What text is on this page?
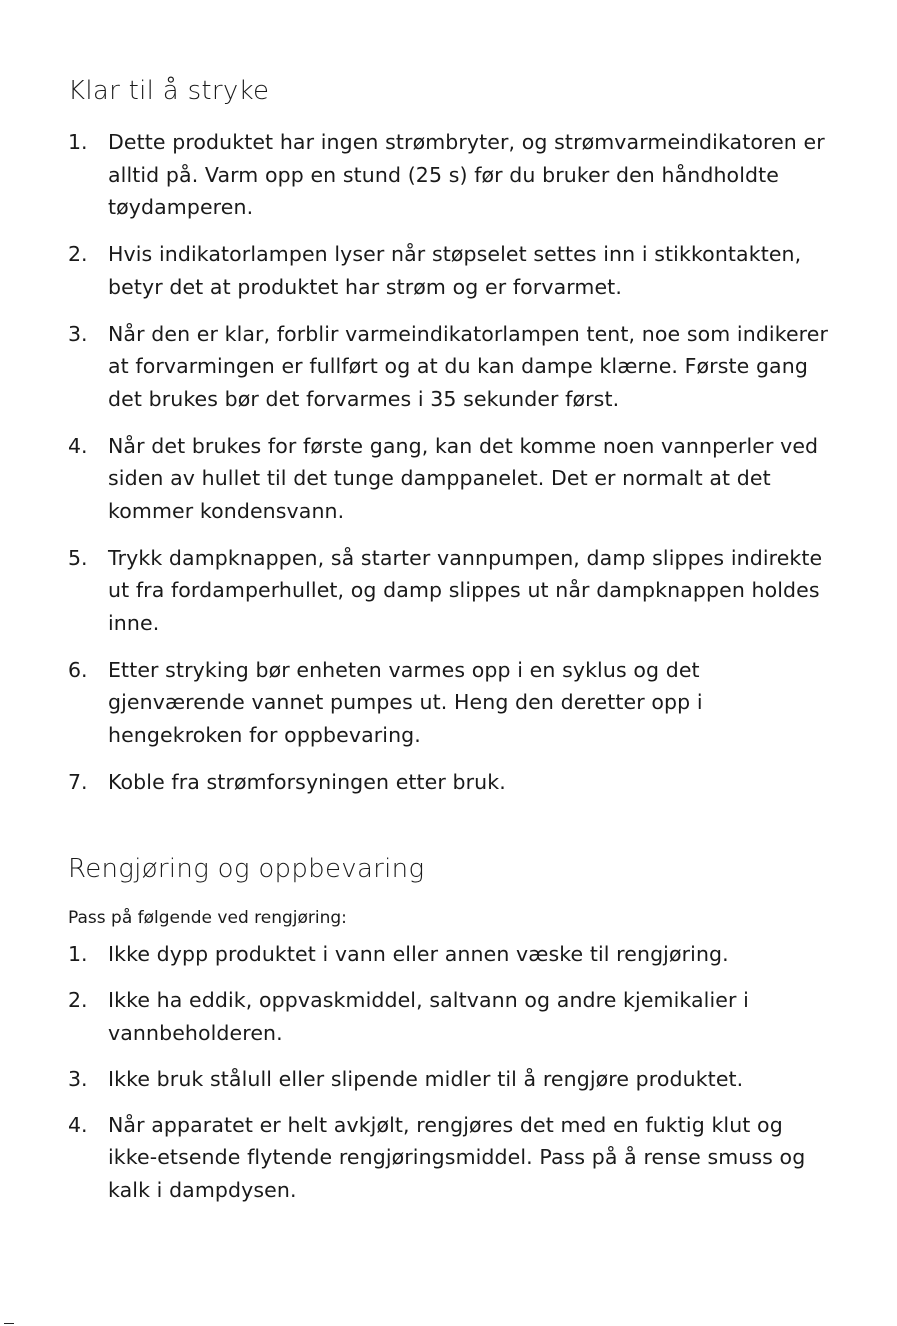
Klar til å stryke
1. Dette produktet har ingen strømbryter, og strømvarmeindikatoren er alltid på. Varm opp en stund (25 s) før du bruker den håndholdte tøydamperen.
2. Hvis indikatorlampen lyser når støpselet settes inn i stikkontakten, betyr det at produktet har strøm og er forvarmet.
3. Når den er klar, forblir varmeindikatorlampen tent, noe som indikerer at forvarmingen er fullført og at du kan dampe klærne. Første gang det brukes bør det forvarmes i 35 sekunder først.
4. Når det brukes for første gang, kan det komme noen vannperler ved siden av hullet til det tunge damppanelet. Det er normalt at det kommer kondensvann.
5. Trykk dampknappen, så starter vannpumpen, damp slippes indirekte ut fra fordamperhullet, og damp slippes ut når dampknappen holdes inne.
6. Etter stryking bør enheten varmes opp i en syklus og det gjenværende vannet pumpes ut. Heng den deretter opp i hengekroken for oppbevaring.
7. Koble fra strømforsyningen etter bruk.
Rengjøring og oppbevaring

Pass på følgende ved rengjøring:

1. Ikke dypp produktet i vann eller annen væske til rengjøring.
2. Ikke ha eddik, oppvaskmiddel, saltvann og andre kjemikalier i vannbeholderen.
3. Ikke bruk stålull eller slipende midler til å rengjøre produktet.
4. Når apparatet er helt avkjølt, rengjøres det med en fuktig klut og ikke-etsende flytende rengjøringsmiddel. Pass på å rense smuss og kalk i dampdysen.
